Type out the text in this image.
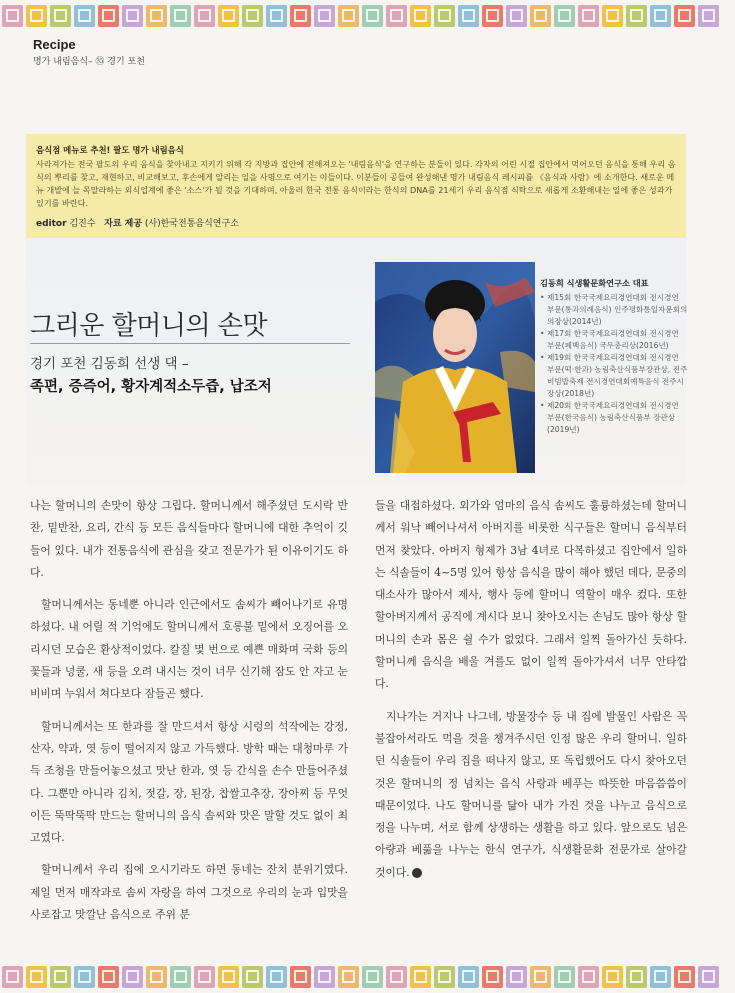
Recipe
명가 내림음식– ㉟ 경기 포천
음식점 메뉴로 추천! 팔도 명가 내림음식
사라져가는 전국 팔도의 우리 음식을 찾아내고 지키기 위해 각 지방과 집안에 전해져오는 '내림음식'을 연구하는 분들이 있다. 각자의 어린 시절 집안에서 먹어오던 음식을 통해 우리 음식의 뿌리를 찾고, 재현하고, 비교해보고, 후손에게 알리는 일을 사명으로 여기는 이들이다. 이분들이 공들여 완성해낸 명가 내림음식 레시피를 《음식과 사람》에 소개한다. 새로운 메뉴 개발에 늘 목말라하는 외식업계에 좋은 '소스'가 될 것을 기대하며, 아울러 한국 전통 음식이라는 한식의 DNA를 21세기 우리 음식점 식탁으로 새롭게 소환해내는 일에 좋은 성과가 있기를 바란다.
editor 김진수 자료 제공 (사)한국전통음식연구소
그리운 할머니의 손맛
경기 포천 김동희 선생 댁 –
족편, 증즉어, 황자계적소두즙, 납조저
김동희 식생활문화연구소 대표
• 제15회 한국국제요리경연대회 전시경연 부문(통과의례음식) 인주평화통일자문회의 의장상(2014년)
• 제17회 한국국제요리경연대회 전시경연 부문(폐백음식) 국무총리상(2016년)
• 제19회 한국국제요리경연대회 전시경연 부문(떡·한과) 농림축산식품부장관상, 전주비빔밥축제 전시경연대회예특음식 전주시장상(2018년)
• 제20회 한국국제요리경연대회 전시경연 부문(한국음식) 농림축산식품부 장관상(2019년)

나는 할머니의 손맛이 항상 그립다. 할머니께서 해주셨던 도시락 반찬, 밑반찬, 요리, 간식 등 모든 음식들마다 할머니에 대한 추억이 깃들어 있다. 내가 전통음식에 관심을 갖고 전문가가 된 이유이기도 하다.

할머니께서는 동네뿐 아니라 인근에서도 솜씨가 빼어나기로 유명하셨다. 내 어릴 적 기억에도 할머니께서 호롱불 밑에서 오징어를 오리시던 모습은 환상적이었다. 칼질 몇 번으로 예쁜 매화며 국화 등의 꽃들과 넝쿨, 새 등을 오려 내시는 것이 너무 신기해 잠도 안 자고 눈 비비며 누워서 쳐다보다 잠들곤 했다.

할머니께서는 또 한과를 잘 만드셔서 항상 시렁의 석작에는 강정, 산자, 약과, 엿 등이 떨어지지 않고 가득했다. 방학 때는 대청마루 가득 조청을 만들어놓으셨고 맛난 한과, 엿 등 간식을 손수 만들어주셨다. 그뿐만 아니라 김치, 젓갈, 장, 된장, 찹쌀고추장, 장아찌 등 무엇이든 뚝딱뚝딱 만드는 할머니의 음식 솜씨와 맛은 말할 것도 없이 최고였다.

할머니께서 우리 집에 오시기라도 하면 동네는 잔치 분위기였다. 제일 먼저 매작과로 솜씨 자랑을 하여 그것으로 우리의 눈과 입맛을 사로잡고 맛깔난 음식으로 주위 분

들을 대접하셨다. 외가와 엄마의 음식 솜씨도 훌륭하셨는데 할머니께서 워낙 빼어나셔서 아버지를 비롯한 식구들은 할머니 음식부터 먼저 찾았다. 아버지 형제가 3남 4녀로 다복하셨고 집안에서 일하는 식솔들이 4~5명 있어 항상 음식을 많이 해야 했던 데다, 문중의 대소사가 많아서 제사, 행사 등에 할머니 역할이 매우 컸다. 또한 할아버지께서 공직에 계시다 보니 찾아오시는 손님도 많아 항상 할머니의 손과 몸은 쉴 수가 없었다. 그래서 일찍 돌아가신 듯하다. 할머니께 음식을 배울 겨를도 없이 일찍 돌아가셔서 너무 안타깝다.

지나가는 거지나 나그네, 방물장수 등 내 집에 발물인 사람은 꼭 불잡아서라도 먹을 것을 챙겨주시던 인정 많은 우리 할머니. 일하던 식솔들이 우리 집을 떠나지 않고, 또 독립했어도 다시 찾아오던 것은 할머니의 정 넘치는 음식 사랑과 베푸는 따뜻한 마음씀씀이 때문이었다. 나도 할머니를 닮아 내가 가진 것을 나누고 음식으로 정을 나누며, 서로 함께 상생하는 생활을 하고 있다. 앞으로도 넘은 아량과 베풂을 나누는 한식 연구가, 식생활문화 전문가로 살아갈 것이다. f
